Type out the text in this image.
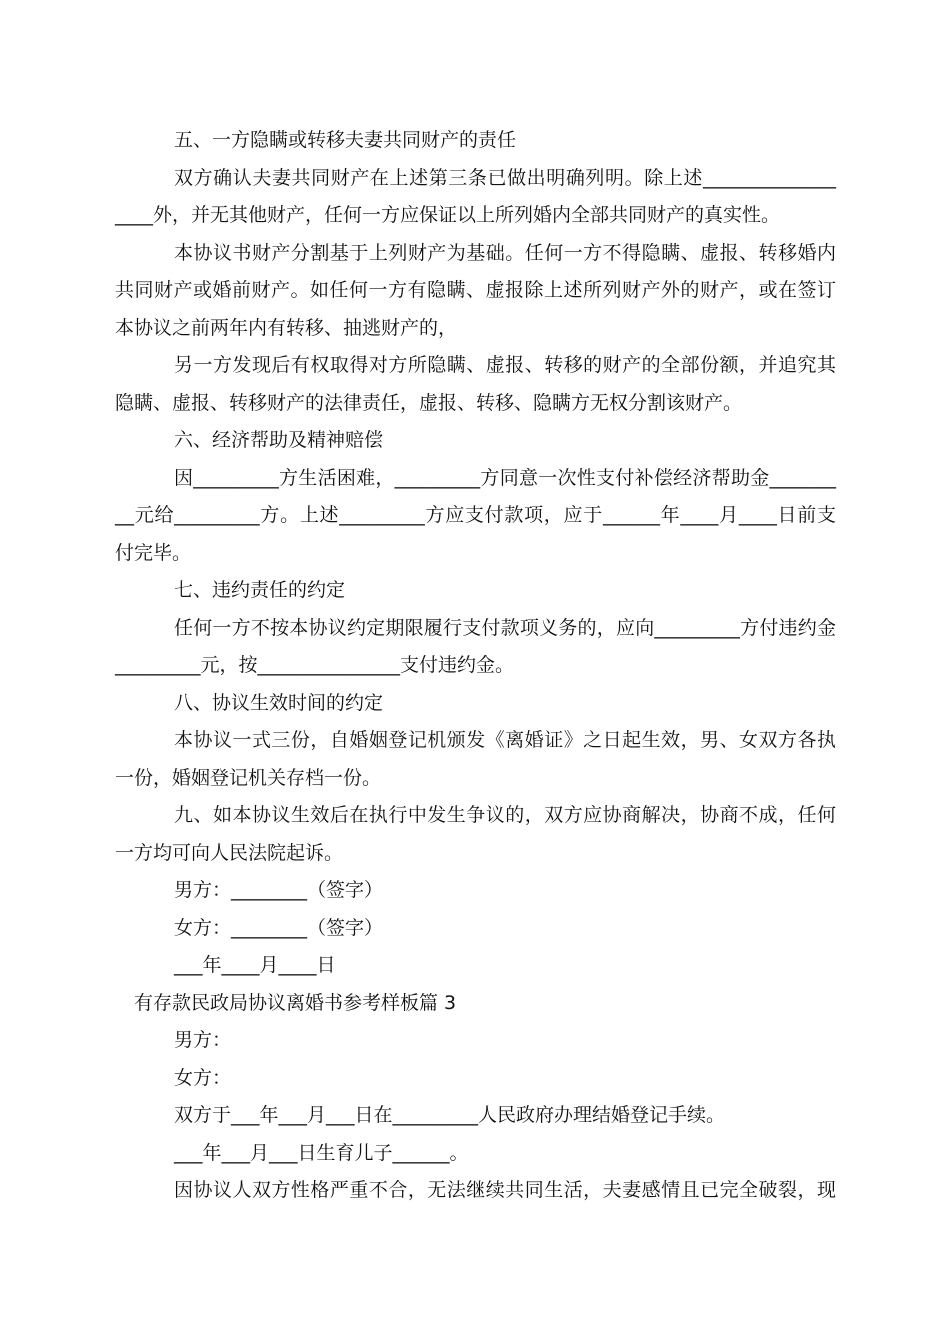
五、一方隐瞒或转移夫妻共同财产的责任
双方确认夫妻共同财产在上述第三条已做出明确列明。除上述______________
____外，并无其他财产，任何一方应保证以上所列婚内全部共同财产的真实性。
本协议书财产分割基于上列财产为基础。任何一方不得隐瞒、虚报、转移婚内
共同财产或婚前财产。如任何一方有隐瞒、虚报除上述所列财产外的财产，或在签订
本协议之前两年内有转移、抽逃财产的，
另一方发现后有权取得对方所隐瞒、虚报、转移的财产的全部份额，并追究其
隐瞒、虚报、转移财产的法律责任，虚报、转移、隐瞒方无权分割该财产。
六、经济帮助及精神赔偿
因_________方生活困难，_________方同意一次性支付补偿经济帮助金_______
__元给_________方。上述_________方应支付款项，应于______年____月____日前支
付完毕。
七、违约责任的约定
任何一方不按本协议约定期限履行支付款项义务的，应向_________方付违约金
_________元，按_______________支付违约金。
八、协议生效时间的约定
本协议一式三份，自婚姻登记机颁发《离婚证》之日起生效，男、女双方各执
一份，婚姻登记机关存档一份。
九、如本协议生效后在执行中发生争议的，双方应协商解决，协商不成，任何
一方均可向人民法院起诉。
男方：________（签字）
女方：________（签字）
___年____月____日
有存款民政局协议离婚书参考样板篇 3
男方：
女方：
双方于___年___月___日在_________人民政府办理结婚登记手续。
___年___月___日生育儿子______。
因协议人双方性格严重不合，无法继续共同生活，夫妻感情且已完全破裂，现
